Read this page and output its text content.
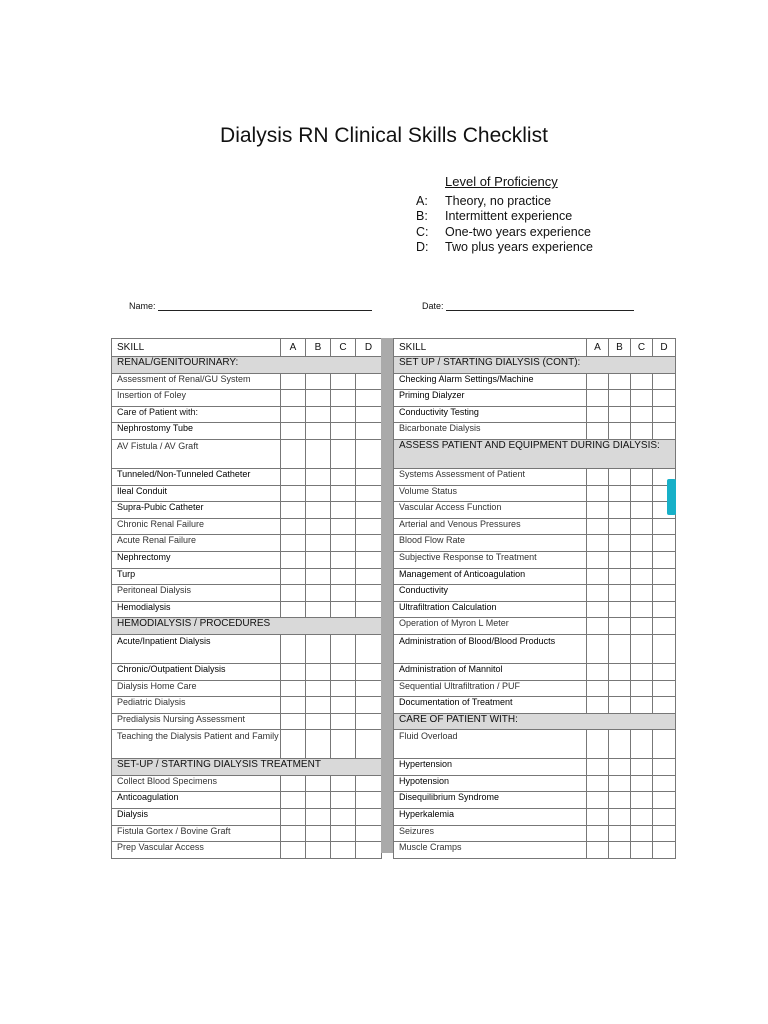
Dialysis RN Clinical Skills Checklist
Level of Proficiency
A:	Theory, no practice
B:	Intermittent experience
C:	One-two years experience
D:	Two plus years experience
Name:	Date:
SKILL	A	B	C	D
RENAL/GENITOURINARY:				
Assessment of Renal/GU System				
Insertion of Foley				
Care of Patient with:				
Nephrostomy Tube				
AV Fistula / AV Graft				
Tunneled/Non-Tunneled Catheter				
Ileal Conduit				
Supra-Pubic Catheter				
Chronic Renal Failure				
Acute Renal Failure				
Nephrectomy				
Turp				
Peritoneal Dialysis				
Hemodialysis				
HEMODIALYSIS / PROCEDURES				
Acute/Inpatient Dialysis				
Chronic/Outpatient Dialysis				
Dialysis Home Care				
Pediatric Dialysis				
Predialysis Nursing Assessment				
Teaching the Dialysis Patient and Family				
SET-UP / STARTING DIALYSIS TREATMENT				
Collect Blood Specimens				
Anticoagulation				
Dialysis				
Fistula Gortex / Bovine Graft				
Prep Vascular Access				
SKILL	A	B	C	D
SET UP / STARTING DIALYSIS (CONT):				
Checking Alarm Settings/Machine				
Priming Dialyzer				
Conductivity Testing				
Bicarbonate Dialysis				
ASSESS PATIENT AND EQUIPMENT DURING DIALYSIS:				
Systems Assessment of Patient				
Volume Status				
Vascular Access Function				
Arterial and Venous Pressures				
Blood Flow Rate				
Subjective Response to Treatment				
Management of Anticoagulation				
Conductivity				
Ultrafiltration Calculation				
Operation of Myron L Meter				
Administration of Blood/Blood Products				
Administration of Mannitol				
Sequential Ultrafiltration / PUF				
Documentation of Treatment				
CARE OF PATIENT WITH:				
Fluid Overload				
Hypertension				
Hypotension				
Disequilibrium Syndrome				
Hyperkalemia				
Seizures				
Muscle Cramps				
